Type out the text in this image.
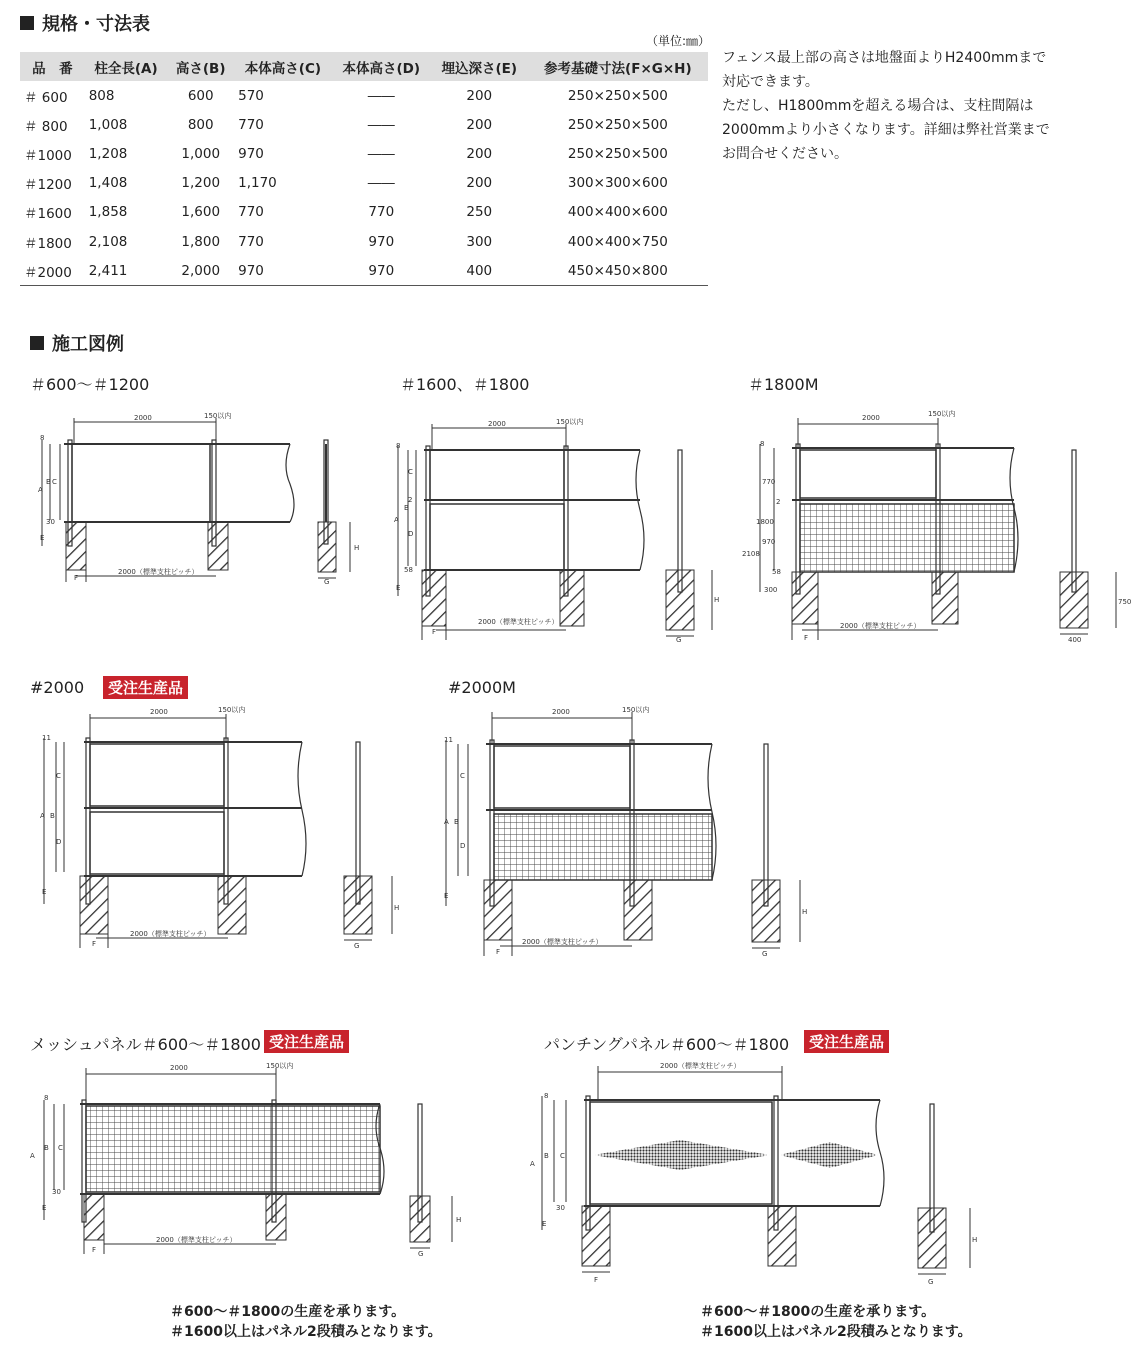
規格・寸法表
（単位:㎜）
品　番	柱全長(A)	高さ(B)	本体高さ(C)	本体高さ(D)	埋込深さ(E)	参考基礎寸法(F×G×H)
＃ 600	808	600	570	――	200	250×250×500
＃ 800	1,008	800	770	――	200	250×250×500
＃1000	1,208	1,000	970	――	200	250×250×500
＃1200	1,408	1,200	1,170	――	200	300×300×600
＃1600	1,858	1,600	770	770	250	400×400×600
＃1800	2,108	1,800	770	970	300	400×400×750
＃2000	2,411	2,000	970	970	400	450×450×800
フェンス最上部の高さは地盤面よりH2400mmまで
対応できます。
ただし、H1800mmを超える場合は、支柱間隔は
2000mmより小さくなります。詳細は弊社営業まで
お問合せください。
施工図例
＃600〜＃1200	＃1600、＃1800	＃1800M
#2000	受注生産品	#2000M
メッシュパネル＃600〜＃1800 受注生産品	パンチングパネル＃600〜＃1800	受注生産品
＃600〜＃1800の生産を承ります。
＃1600以上はパネル2段積みとなります。
＃600〜＃1800の生産を承ります。
＃1600以上はパネル2段積みとなります。
2000	150以内
2000（標準支柱ピッチ）
A
B C
E
F	G
H
8
30
2000	150以内
2000（標準支柱ピッチ）
A
B
C
D
E
F
G
H
8
2
58
2000	150以内
2000（標準支柱ピッチ）
8
770
2
1800
970
2108
58
300
F	400
750
2000	150以内
2000（標準支柱ピッチ）
A B
C
D
E
F	G
H
11
2000	150以内
2000（標準支柱ピッチ）
A B
C
D
E
F	G
H
11
2000	150以内
2000（標準支柱ピッチ）
A
B C
E
F	G
H
8
30
2000（標準支柱ピッチ）
A
B C
E
F	G
H
8
30
